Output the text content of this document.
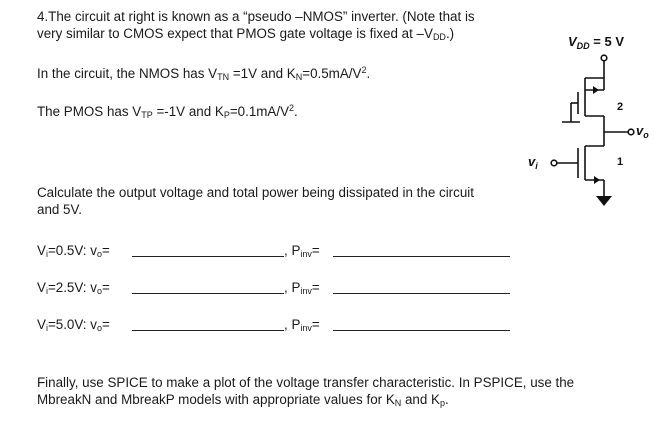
4.The circuit at right is known as a “pseudo –NMOS” inverter. (Note that is
very similar to CMOS expect that PMOS gate voltage is fixed at $-V_{DD}$.)
In the circuit, the NMOS has $V_{TN} =1V$ and $K_N=0.5mA/V^2$.
The PMOS has $V_{TP} =-1V$ and $K_P=0.1mA/V^2$.
Calculate the output voltage and total power being dissipated in the circuit
and 5V.
$V_i=0.5V$: $v_o=$	, $P_{inv}=$
$V_i=2.5V$: $v_o=$	, $P_{inv}=$
$V_i=5.0V$: $v_o=$	, $P_{inv}=$
Finally, use SPICE to make a plot of the voltage transfer characteristic. In PSPICE, use the
MbreakN and MbreakP models with appropriate values for $K_N$ and $K_p$.
$V_{DD} = 5$ V
2
1
$v_o$
$v_i$
